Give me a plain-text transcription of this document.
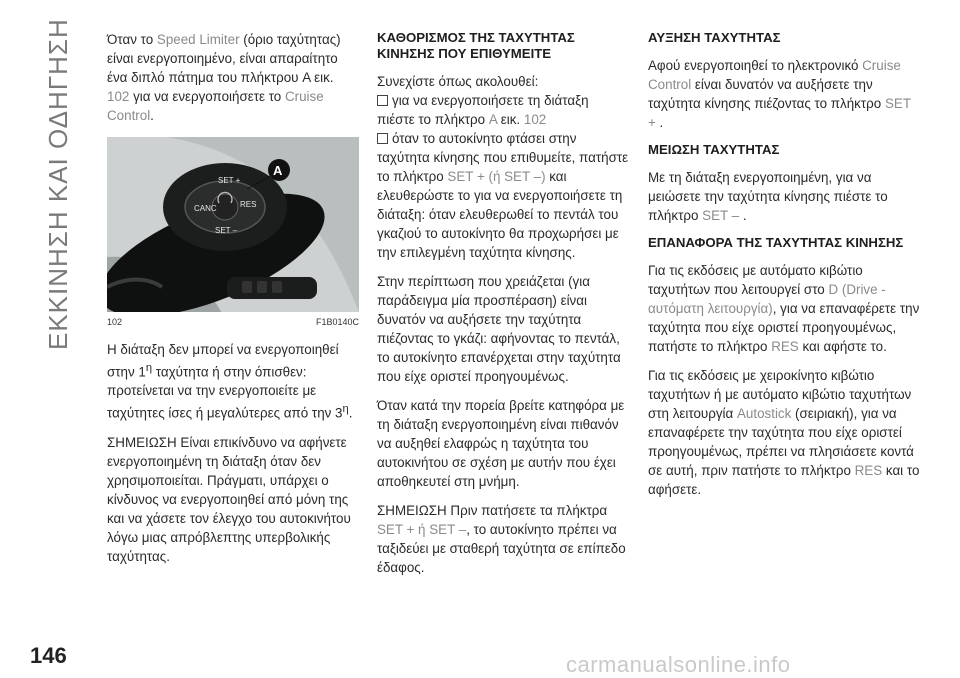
ΕΚΚΙΝΗΣΗ ΚΑΙ ΟΔΗΓΗΣΗ	Όταν το Speed Limiter (όριο ταχύτητας) είναι ενεργοποιημένο, είναι απαραίτητο ένα διπλό πάτημα του πλήκτρου A εικ. 102 για να ενεργοποιήσετε το Cruise Control.

SET +
CANC	RES
SET –
A
102	F1B0140C

Η διάταξη δεν μπορεί να ενεργοποιηθεί στην $1^\eta$ ταχύτητα ή στην όπισθεν: προτείνεται να την ενεργοποιείτε με ταχύτητες ίσες ή μεγαλύτερες από την $3^\eta$.

ΣΗΜΕΙΩΣΗ Είναι επικίνδυνο να αφήνετε ενεργοποιημένη τη διάταξη όταν δεν χρησιμοποιείται. Πράγματι, υπάρχει ο κίνδυνος να ενεργοποιηθεί από μόνη της και να χάσετε τον έλεγχο του αυτοκινήτου λόγω μιας απρόβλεπτης υπερβολικής ταχύτητας.

ΚΑΘΟΡΙΣΜΟΣ ΤΗΣ ΤΑΧΥΤΗΤΑΣ ΚΙΝΗΣΗΣ ΠΟΥ ΕΠΙΘΥΜΕΙΤΕ

Συνεχίστε όπως ακολουθεί:

για να ενεργοποιήσετε τη διάταξη πιέστε το πλήκτρο A εικ. 102

όταν το αυτοκίνητο φτάσει στην ταχύτητα κίνησης που επιθυμείτε, πατήστε το πλήκτρο SET + (ή SET –) και ελευθερώστε το για να ενεργοποιήσετε τη διάταξη: όταν ελευθερωθεί το πεντάλ του γκαζιού το αυτοκίνητο θα προχωρήσει με την επιλεγμένη ταχύτητα κίνησης.

Στην περίπτωση που χρειάζεται (για παράδειγμα μία προσπέραση) είναι δυνατόν να αυξήσετε την ταχύτητα πιέζοντας το γκάζι: αφήνοντας το πεντάλ, το αυτοκίνητο επανέρχεται στην ταχύτητα που είχε οριστεί προηγουμένως.

Όταν κατά την πορεία βρείτε κατηφόρα με τη διάταξη ενεργοποιημένη είναι πιθανόν να αυξηθεί ελαφρώς η ταχύτητα του αυτοκινήτου σε σχέση με αυτήν που έχει αποθηκευτεί στη μνήμη.

ΣΗΜΕΙΩΣΗ Πριν πατήσετε τα πλήκτρα SET + ή SET –, το αυτοκίνητο πρέπει να ταξιδεύει με σταθερή ταχύτητα σε επίπεδο έδαφος.

ΑΥΞΗΣΗ ΤΑΧΥΤΗΤΑΣ

Αφού ενεργοποιηθεί το ηλεκτρονικό Cruise Control είναι δυνατόν να αυξήσετε την ταχύτητα κίνησης πιέζοντας το πλήκτρο SET + .

ΜΕΙΩΣΗ ΤΑΧΥΤΗΤΑΣ

Με τη διάταξη ενεργοποιημένη, για να μειώσετε την ταχύτητα κίνησης πιέστε το πλήκτρο SET – .

ΕΠΑΝΑΦΟΡΑ ΤΗΣ ΤΑΧΥΤΗΤΑΣ ΚΙΝΗΣΗΣ

Για τις εκδόσεις με αυτόματο κιβώτιο ταχυτήτων που λειτουργεί στο D (Drive - αυτόματη λειτουργία), για να επαναφέρετε την ταχύτητα που είχε οριστεί προηγουμένως, πατήστε το πλήκτρο RES και αφήστε το.

Για τις εκδόσεις με χειροκίνητο κιβώτιο ταχυτήτων ή με αυτόματο κιβώτιο ταχυτήτων στη λειτουργία Autostick (σειριακή), για να επαναφέρετε την ταχύτητα που είχε οριστεί προηγουμένως, πρέπει να πλησιάσετε κοντά σε αυτή, πριν πατήστε το πλήκτρο RES και το αφήσετε.

146	carmanualsonline.info
